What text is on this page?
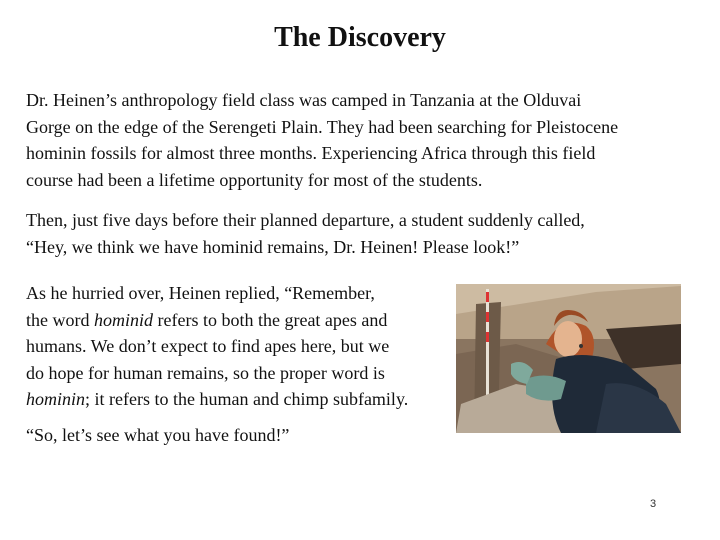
The Discovery
Dr. Heinen’s anthropology field class was camped in Tanzania at the Olduvai
Gorge on the edge of the Serengeti Plain. They had been searching for Pleistocene
hominin fossils for almost three months. Experiencing Africa through this field
course had been a lifetime opportunity for most of the students.
Then, just five days before their planned departure, a student suddenly called,
“Hey, we think we have hominid remains, Dr. Heinen! Please look!”
As he hurried over, Heinen replied, “Remember,
the word hominid refers to both the great apes and
humans. We don’t expect to find apes here, but we
do hope for human remains, so the proper word is
hominin; it refers to the human and chimp subfamily.
“So, let’s see what you have found!”
3
